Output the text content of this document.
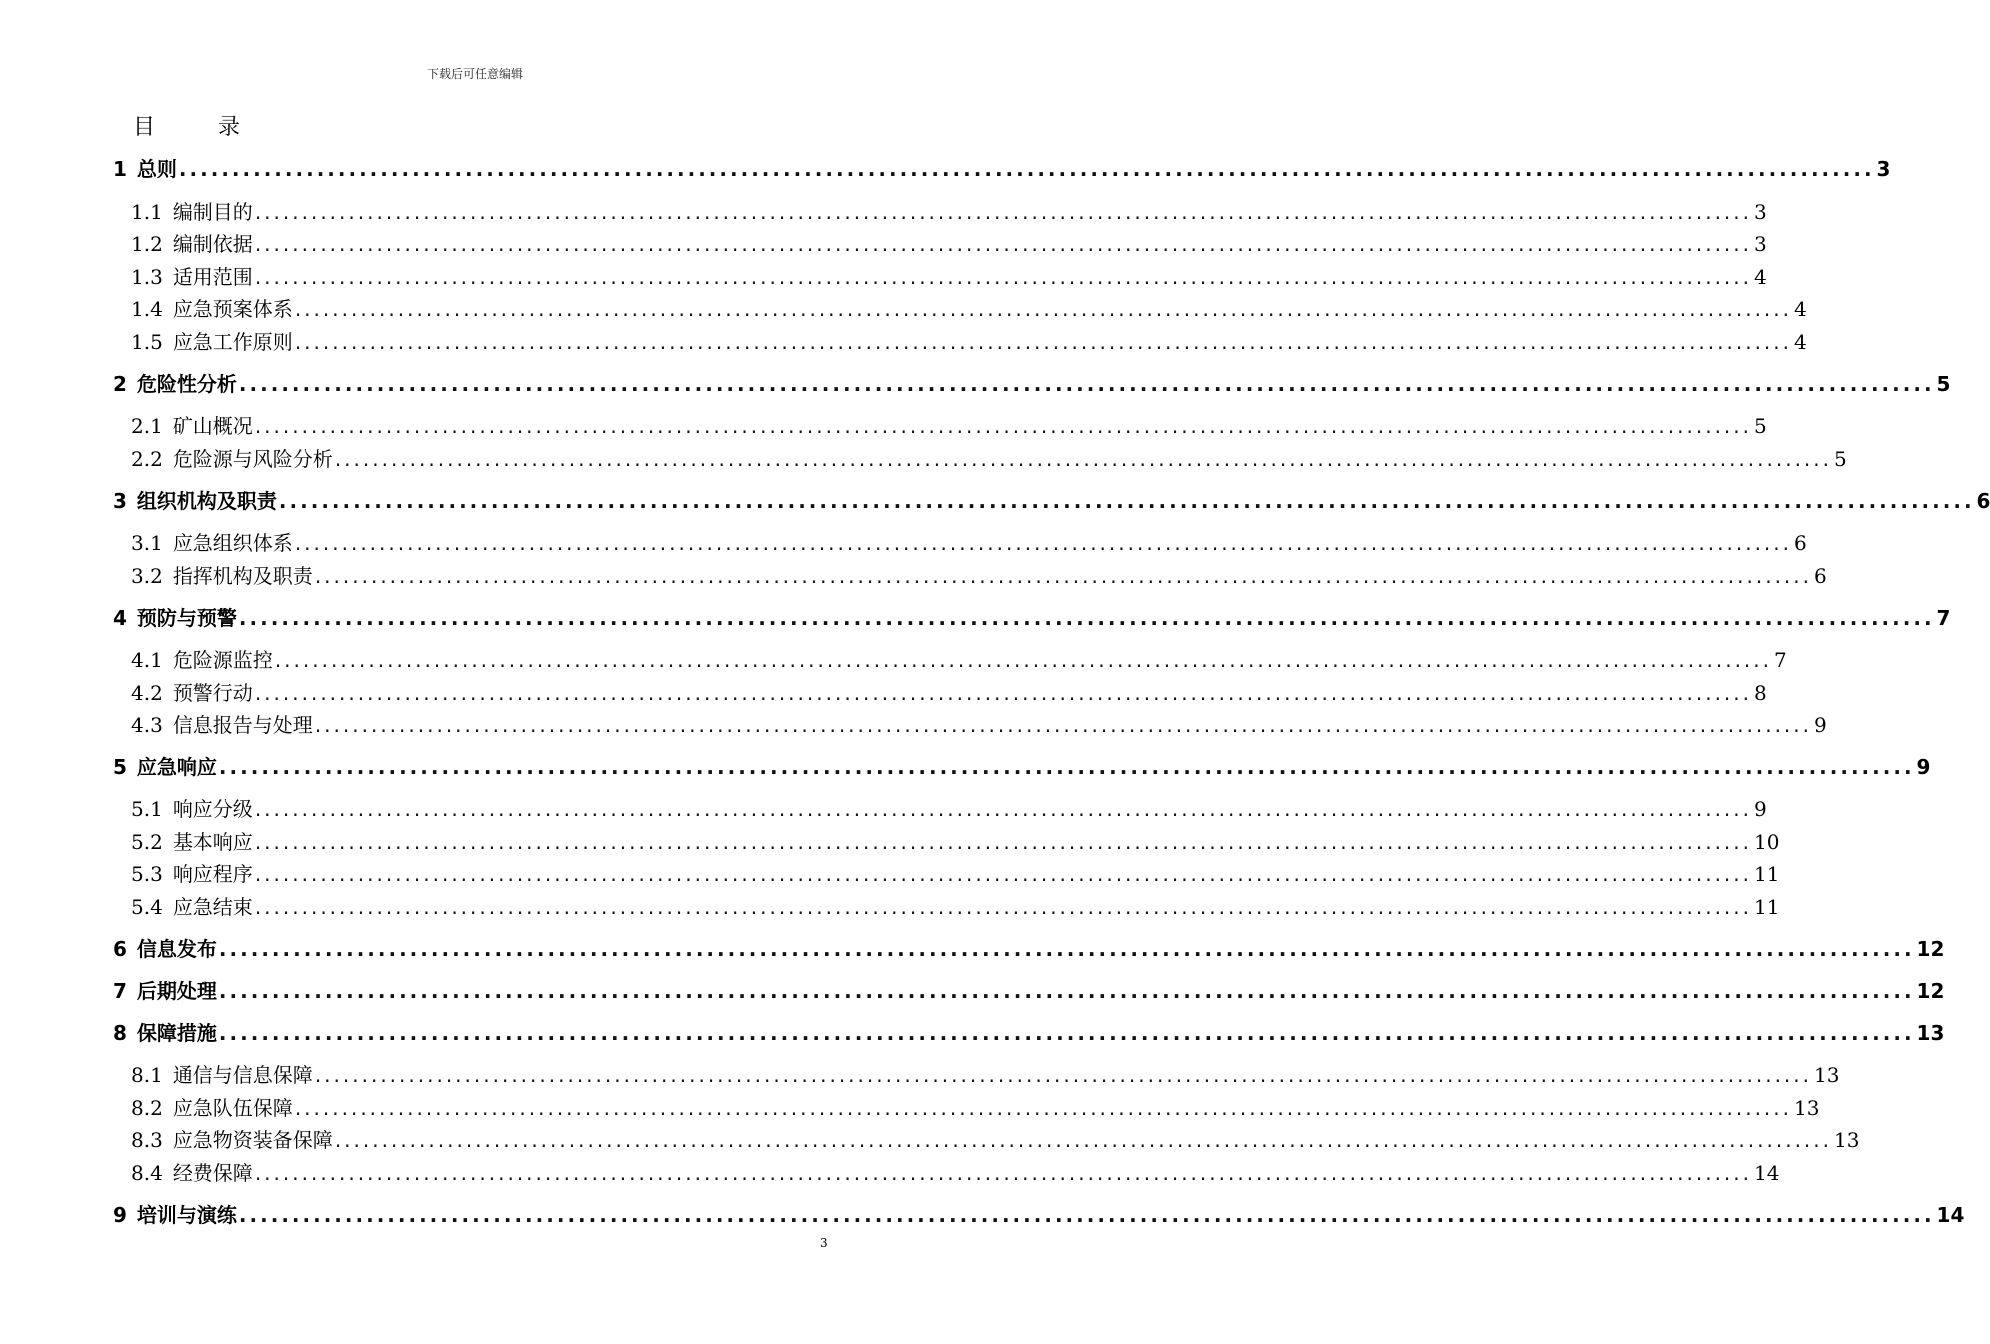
下载后可任意编辑
目 录
1 总则 ................................................................................................................................................................ 3
1.1 编制目的 ................................................................................................................................................................ 3
1.2 编制依据 ................................................................................................................................................................ 3
1.3 适用范围 ................................................................................................................................................................ 4
1.4 应急预案体系 ................................................................................................................................................................ 4
1.5 应急工作原则 ................................................................................................................................................................ 4
2 危险性分析 ................................................................................................................................................................ 5
2.1 矿山概况 ................................................................................................................................................................ 5
2.2 危险源与风险分析 ................................................................................................................................................................ 5
3 组织机构及职责 ................................................................................................................................................................ 6
3.1 应急组织体系 ................................................................................................................................................................ 6
3.2 指挥机构及职责 ................................................................................................................................................................ 6
4 预防与预警 ................................................................................................................................................................ 7
4.1 危险源监控 ................................................................................................................................................................ 7
4.2 预警行动 ................................................................................................................................................................ 8
4.3 信息报告与处理 ................................................................................................................................................................ 9
5 应急响应 ................................................................................................................................................................ 9
5.1 响应分级 ................................................................................................................................................................ 9
5.2 基本响应 ................................................................................................................................................................ 10
5.3 响应程序 ................................................................................................................................................................ 11
5.4 应急结束 ................................................................................................................................................................ 11
6 信息发布 ................................................................................................................................................................ 12
7 后期处理 ................................................................................................................................................................ 12
8 保障措施 ................................................................................................................................................................ 13
8.1 通信与信息保障 ................................................................................................................................................................ 13
8.2 应急队伍保障 ................................................................................................................................................................ 13
8.3 应急物资装备保障 ................................................................................................................................................................ 13
8.4 经费保障 ................................................................................................................................................................ 14
9 培训与演练 ................................................................................................................................................................ 14
3
